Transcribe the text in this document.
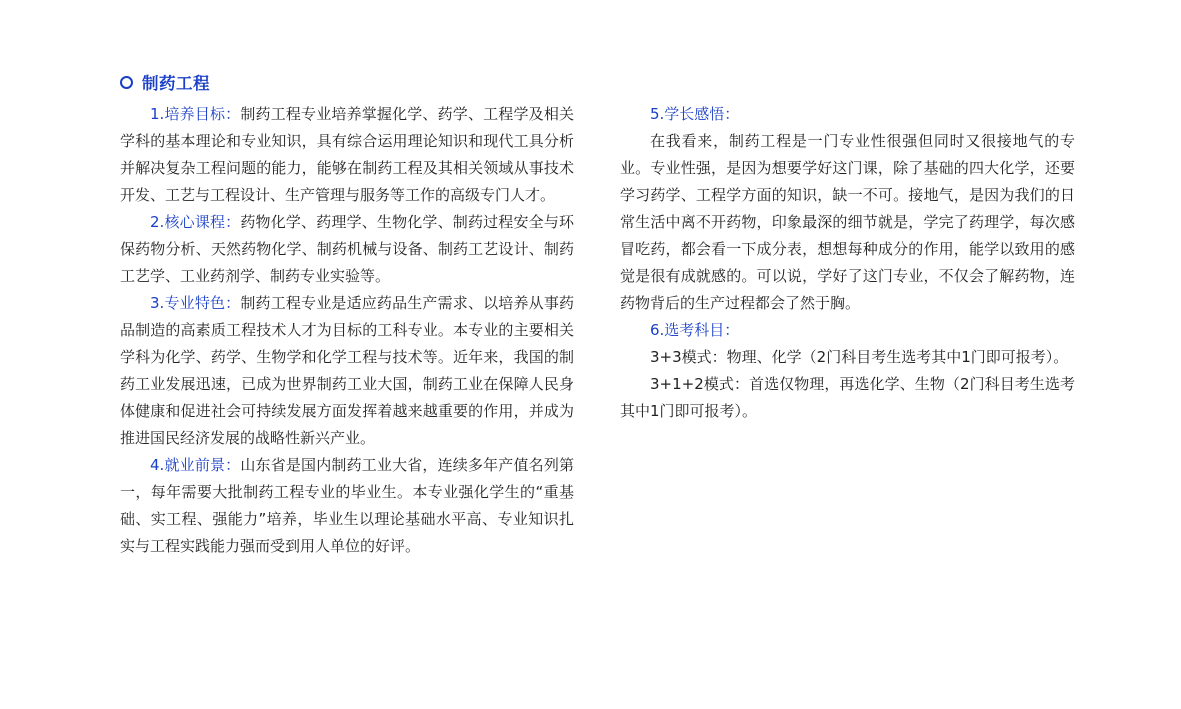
制药工程

1.培养目标：制药工程专业培养掌握化学、药学、工程学及相关学科的基本理论和专业知识，具有综合运用理论知识和现代工具分析并解决复杂工程问题的能力，能够在制药工程及其相关领域从事技术开发、工艺与工程设计、生产管理与服务等工作的高级专门人才。

2.核心课程：药物化学、药理学、生物化学、制药过程安全与环保药物分析、天然药物化学、制药机械与设备、制药工艺设计、制药工艺学、工业药剂学、制药专业实验等。

3.专业特色：制药工程专业是适应药品生产需求、以培养从事药品制造的高素质工程技术人才为目标的工科专业。本专业的主要相关学科为化学、药学、生物学和化学工程与技术等。近年来，我国的制药工业发展迅速，已成为世界制药工业大国，制药工业在保障人民身体健康和促进社会可持续发展方面发挥着越来越重要的作用，并成为推进国民经济发展的战略性新兴产业。

4.就业前景：山东省是国内制药工业大省，连续多年产值名列第一，每年需要大批制药工程专业的毕业生。本专业强化学生的“重基础、实工程、强能力”培养，毕业生以理论基础水平高、专业知识扎实与工程实践能力强而受到用人单位的好评。

5.学长感悟：

在我看来，制药工程是一门专业性很强但同时又很接地气的专业。专业性强，是因为想要学好这门课，除了基础的四大化学，还要学习药学、工程学方面的知识，缺一不可。接地气，是因为我们的日常生活中离不开药物，印象最深的细节就是，学完了药理学，每次感冒吃药，都会看一下成分表，想想每种成分的作用，能学以致用的感觉是很有成就感的。可以说，学好了这门专业，不仅会了解药物，连药物背后的生产过程都会了然于胸。

6.选考科目：

3+3模式：物理、化学（2门科目考生选考其中1门即可报考）。

3+1+2模式：首选仅物理，再选化学、生物（2门科目考生选考其中1门即可报考）。
